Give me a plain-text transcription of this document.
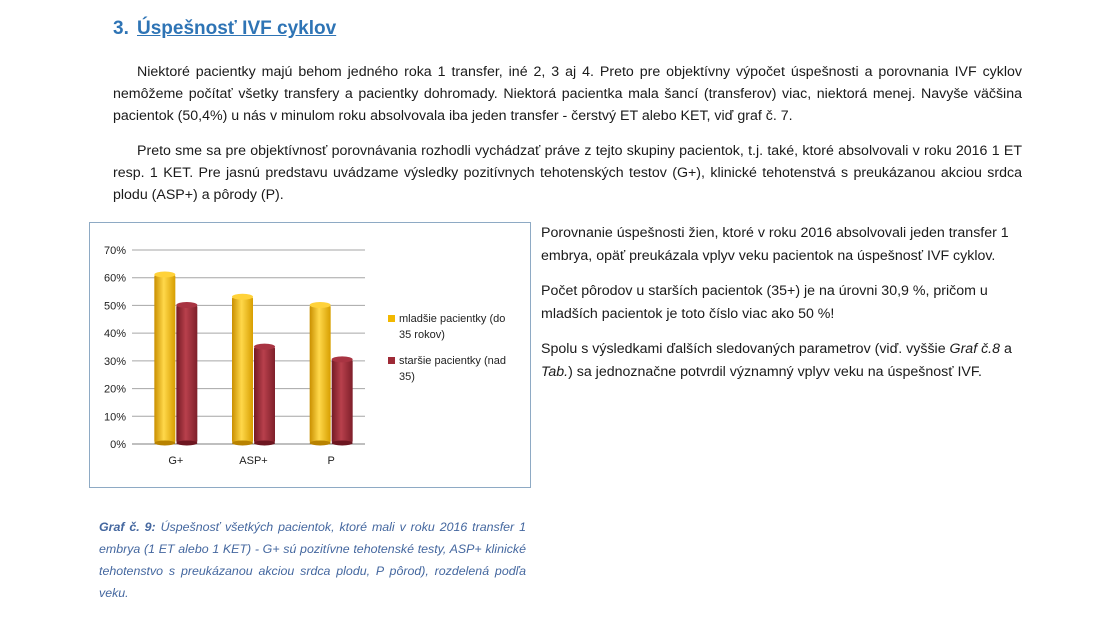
3. Úspešnosť IVF cyklov
Niektoré pacientky majú behom jedného roka 1 transfer, iné 2, 3 aj 4. Preto pre objektívny výpočet úspešnosti a porovnania IVF cyklov nemôžeme počítať všetky transfery a pacientky dohromady. Niektorá pacientka mala šancí (transferov) viac, niektorá menej. Navyše väčšina pacientok (50,4%) u nás v minulom roku absolvovala iba jeden transfer - čerstvý ET alebo KET, viď graf č. 7.
Preto sme sa pre objektívnosť porovnávania rozhodli vychádzať práve z tejto skupiny pacientok, t.j. také, ktoré absolvovali v roku 2016 1 ET resp. 1 KET. Pre jasnú predstavu uvádzame výsledky pozitívnych tehotenských testov (G+), klinické tehotenstvá s preukázanou akciou srdca plodu (ASP+) a pôrody (P).
0%
10%
20%
30%
40%
50%
60%
70%
G+	ASP+	P
mladšie pacientky (do 35 rokov)
staršie pacientky (nad 35)
Porovnanie úspešnosti žien, ktoré v roku 2016 absolvovali jeden transfer 1 embrya, opäť preukázala vplyv veku pacientok na úspešnosť IVF cyklov.
Počet pôrodov u starších pacientok (35+) je na úrovni 30,9 %, pričom u mladších pacientok je toto číslo viac ako 50 %!
Spolu s výsledkami ďalších sledovaných parametrov (viď. vyššie Graf č.8 a Tab.) sa jednoznačne potvrdil významný vplyv veku na úspešnosť IVF.
Graf č. 9: Úspešnosť všetkých pacientok, ktoré mali v roku 2016 transfer 1 embrya (1 ET alebo 1 KET) - G+ sú pozitívne tehotenské testy, ASP+ klinické tehotenstvo s preukázanou akciou srdca plodu, P pôrod), rozdelená podľa veku.
